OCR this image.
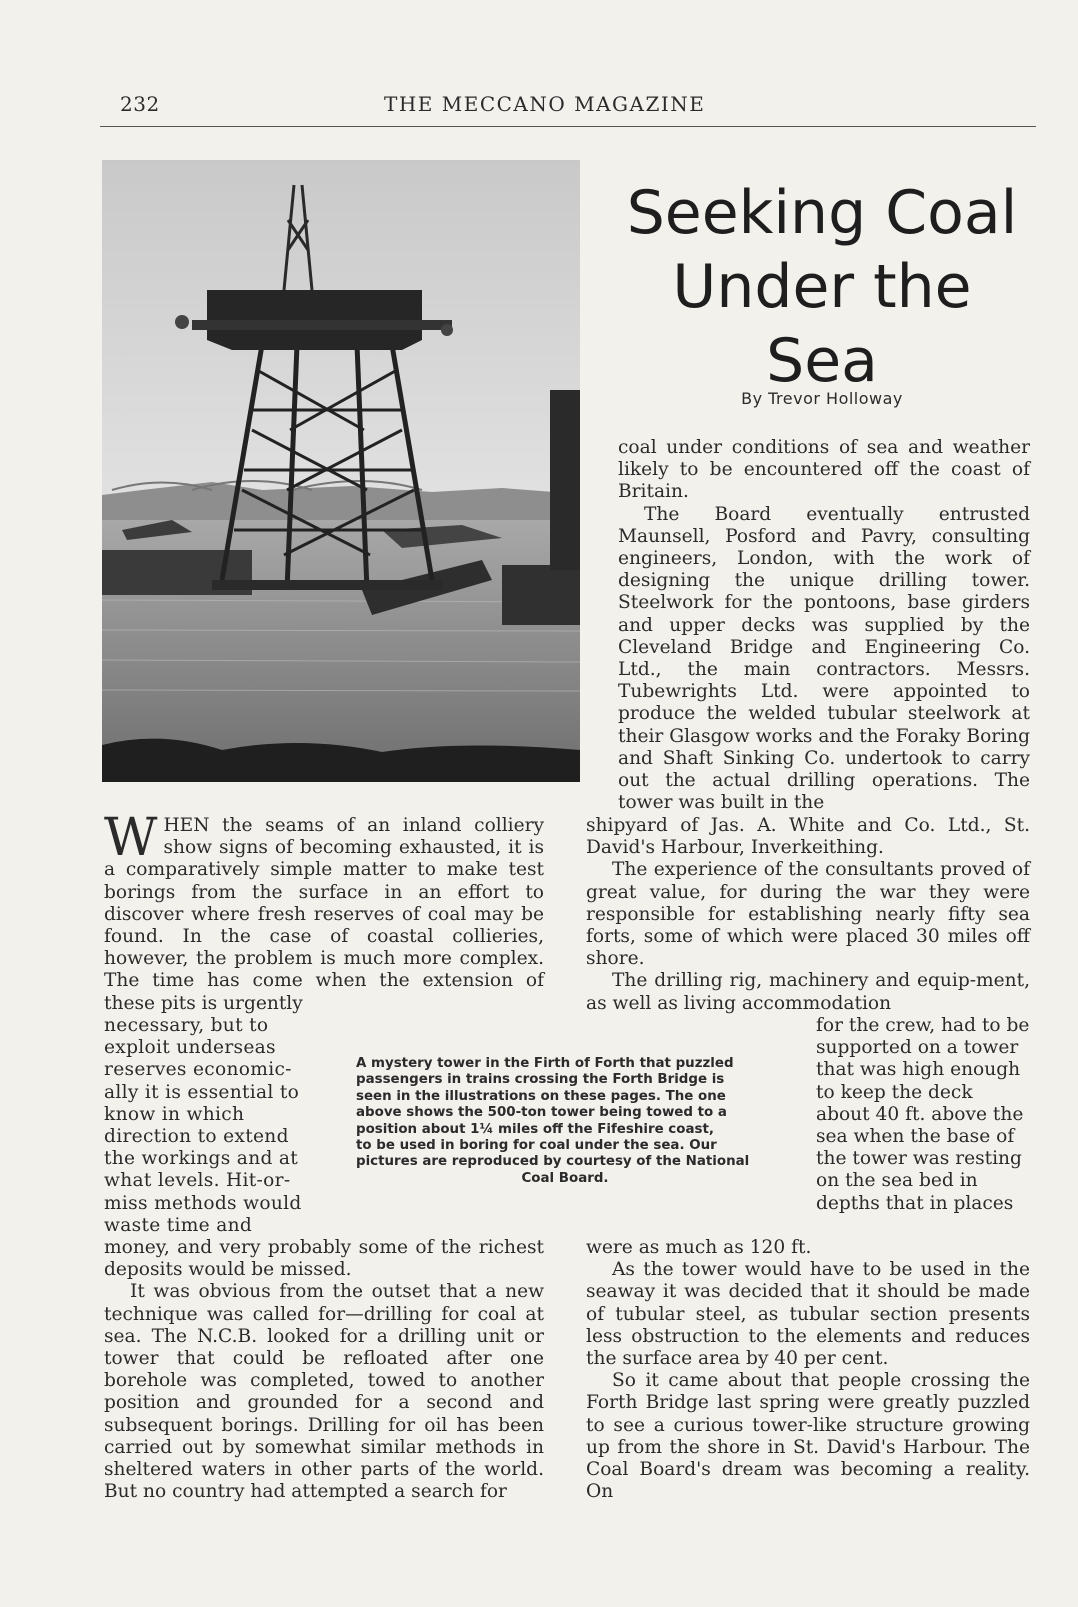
232	THE MECCANO MAGAZINE
Seeking Coal
Under the
Sea
By Trevor Holloway
W HEN the seams of an inland colliery show signs of becoming exhausted, it is a comparatively simple matter to make test borings from the surface in an effort to discover where fresh reserves of coal may be found. In the case of coastal collieries, however, the problem is much more complex. The time has come when the extension of these pits is urgently

necessary, but to exploit underseas reserves economic-ally it is essential to know in which direction to extend the workings and at what levels. Hit-or-miss methods would waste time and

money, and very probably some of the richest deposits would be missed.

It was obvious from the outset that a new technique was called for—drilling for coal at sea. The N.C.B. looked for a drilling unit or tower that could be refloated after one borehole was completed, towed to another position and grounded for a second and subsequent borings. Drilling for oil has been carried out by somewhat similar methods in sheltered waters in other parts of the world. But no country had attempted a search for

A mystery tower in the Firth of Forth that puzzled

passengers in trains crossing the Forth Bridge is

seen in the illustrations on these pages. The one

above shows the 500-ton tower being towed to a

position about 1¼ miles off the Fifeshire coast,

to be used in boring for coal under the sea. Our

pictures are reproduced by courtesy of the National

Coal Board.

coal under conditions of sea and weather likely to be encountered off the coast of Britain.

The Board eventually entrusted Maunsell, Posford and Pavry, consulting engineers, London, with the work of designing the unique drilling tower. Steelwork for the pontoons, base girders and upper decks was supplied by the Cleveland Bridge and Engineering Co. Ltd., the main contractors. Messrs. Tubewrights Ltd. were appointed to produce the welded tubular steelwork at their Glasgow works and the Foraky Boring and Shaft Sinking Co. undertook to carry out the actual drilling operations. The tower was built in the

shipyard of Jas. A. White and Co. Ltd., St. David's Harbour, Inverkeithing.

The experience of the consultants proved of great value, for during the war they were responsible for establishing nearly fifty sea forts, some of which were placed 30 miles off shore.

The drilling rig, machinery and equip-ment, as well as living accommodation

for the crew, had to be supported on a tower that was high enough to keep the deck about 40 ft. above the sea when the base of the tower was resting on the sea bed in depths that in places

were as much as 120 ft.

As the tower would have to be used in the seaway it was decided that it should be made of tubular steel, as tubular section presents less obstruction to the elements and reduces the surface area by 40 per cent.

So it came about that people crossing the Forth Bridge last spring were greatly puzzled to see a curious tower-like structure growing up from the shore in St. David's Harbour. The Coal Board's dream was becoming a reality. On
